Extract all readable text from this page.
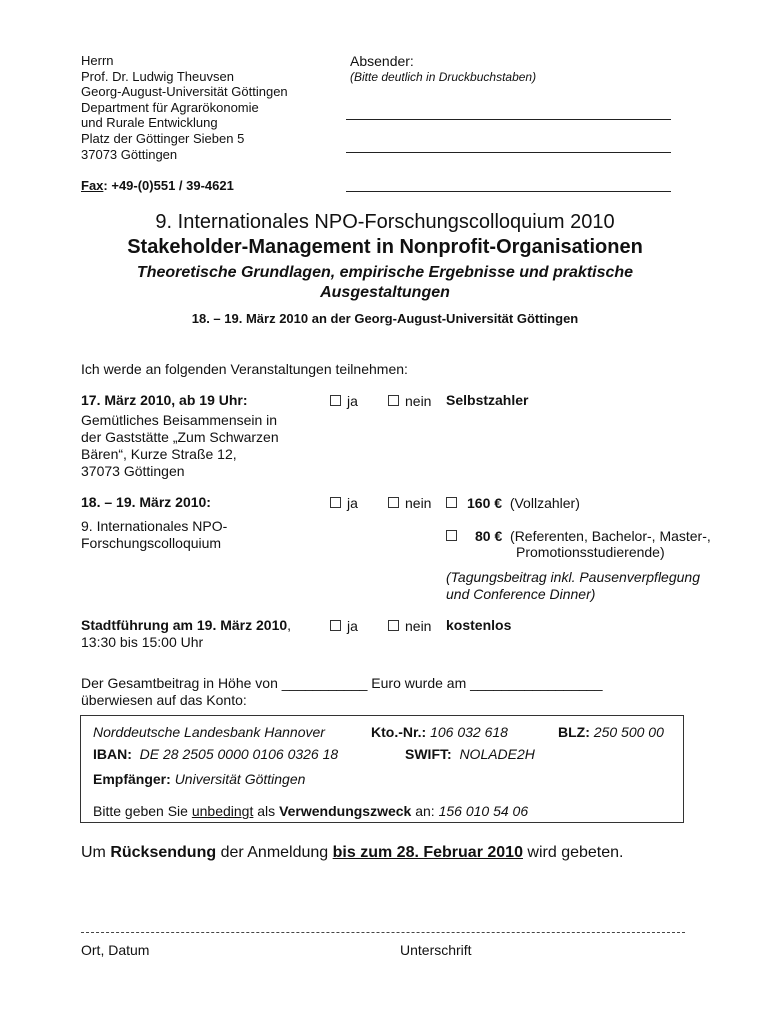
Herrn
Prof. Dr. Ludwig Theuvsen
Georg-August-Universität Göttingen
Department für Agrarökonomie
und Rurale Entwicklung
Platz der Göttinger Sieben 5
37073 Göttingen
Fax: +49-(0)551 / 39-4621
Absender:
(Bitte deutlich in Druckbuchstaben)
9. Internationales NPO-Forschungscolloquium 2010
Stakeholder-Management in Nonprofit-Organisationen
Theoretische Grundlagen, empirische Ergebnisse und praktische Ausgestaltungen
18. – 19. März 2010 an der Georg-August-Universität Göttingen
Ich werde an folgenden Veranstaltungen teilnehmen:
17. März 2010, ab 19 Uhr:
Gemütliches Beisammensein in
der Gaststätte „Zum Schwarzen
Bären“, Kurze Straße 12,
37073 Göttingen
ja	nein Selbstzahler
18. – 19. März 2010:
9. Internationales NPO-
Forschungscolloquium
ja	nein	160 € (Vollzahler)
80 € (Referenten, Bachelor-, Master-,
Promotionsstudierende)
(Tagungsbeitrag inkl. Pausenverpflegung
und Conference Dinner)
Stadtführung am 19. März 2010,
13:30 bis 15:00 Uhr
ja	nein kostenlos
Der Gesamtbeitrag in Höhe von ___________ Euro wurde am _________________
überwiesen auf das Konto:
Norddeutsche Landesbank Hannover	Kto.-Nr.: 106 032 618	BLZ: 250 500 00
IBAN: DE 28 2505 0000 0106 0326 18	SWIFT: NOLADE2H
Empfänger: Universität Göttingen
Bitte geben Sie unbedingt als Verwendungszweck an: 156 010 54 06
Um Rücksendung der Anmeldung bis zum 28. Februar 2010 wird gebeten.
Ort, Datum	Unterschrift
